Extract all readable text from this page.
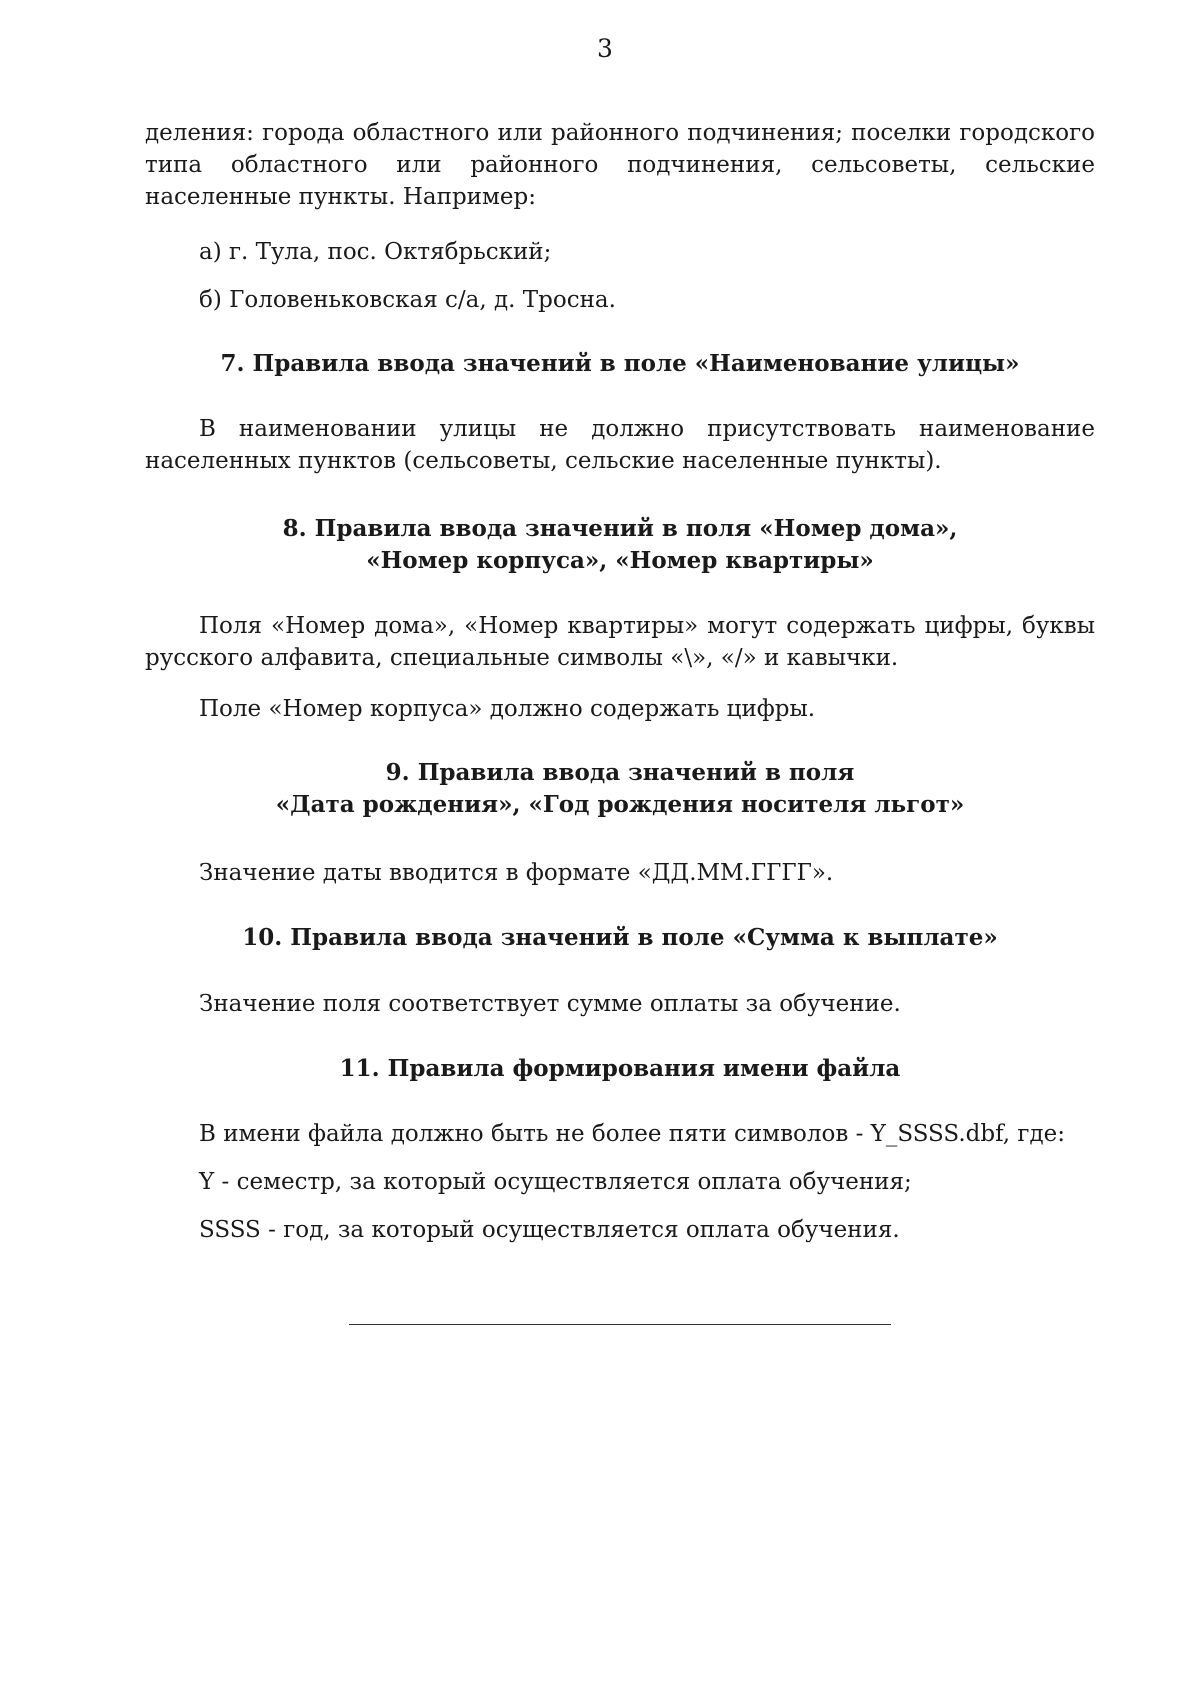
3

деления: города областного или районного подчинения; поселки городского типа областного или районного подчинения, сельсоветы, сельские населенные пункты. Например:

а) г. Тула, пос. Октябрьский;
б) Головеньковская с/а, д. Тросна.
7. Правила ввода значений в поле «Наименование улицы»

В наименовании улицы не должно присутствовать наименование населенных пунктов (сельсоветы, сельские населенные пункты).

8. Правила ввода значений в поля «Номер дома»,
«Номер корпуса», «Номер квартиры»

Поля «Номер дома», «Номер квартиры» могут содержать цифры, буквы русского алфавита, специальные символы «\», «/» и кавычки.

Поле «Номер корпуса» должно содержать цифры.
9. Правила ввода значений в поля
«Дата рождения», «Год рождения носителя льгот»
Значение даты вводится в формате «ДД.ММ.ГГГГ».
10. Правила ввода значений в поле «Сумма к выплате»
Значение поля соответствует сумме оплаты за обучение.
11. Правила формирования имени файла
В имени файла должно быть не более пяти символов - Y_SSSS.dbf, где:
Y - семестр, за который осуществляется оплата обучения;
SSSS - год, за который осуществляется оплата обучения.
